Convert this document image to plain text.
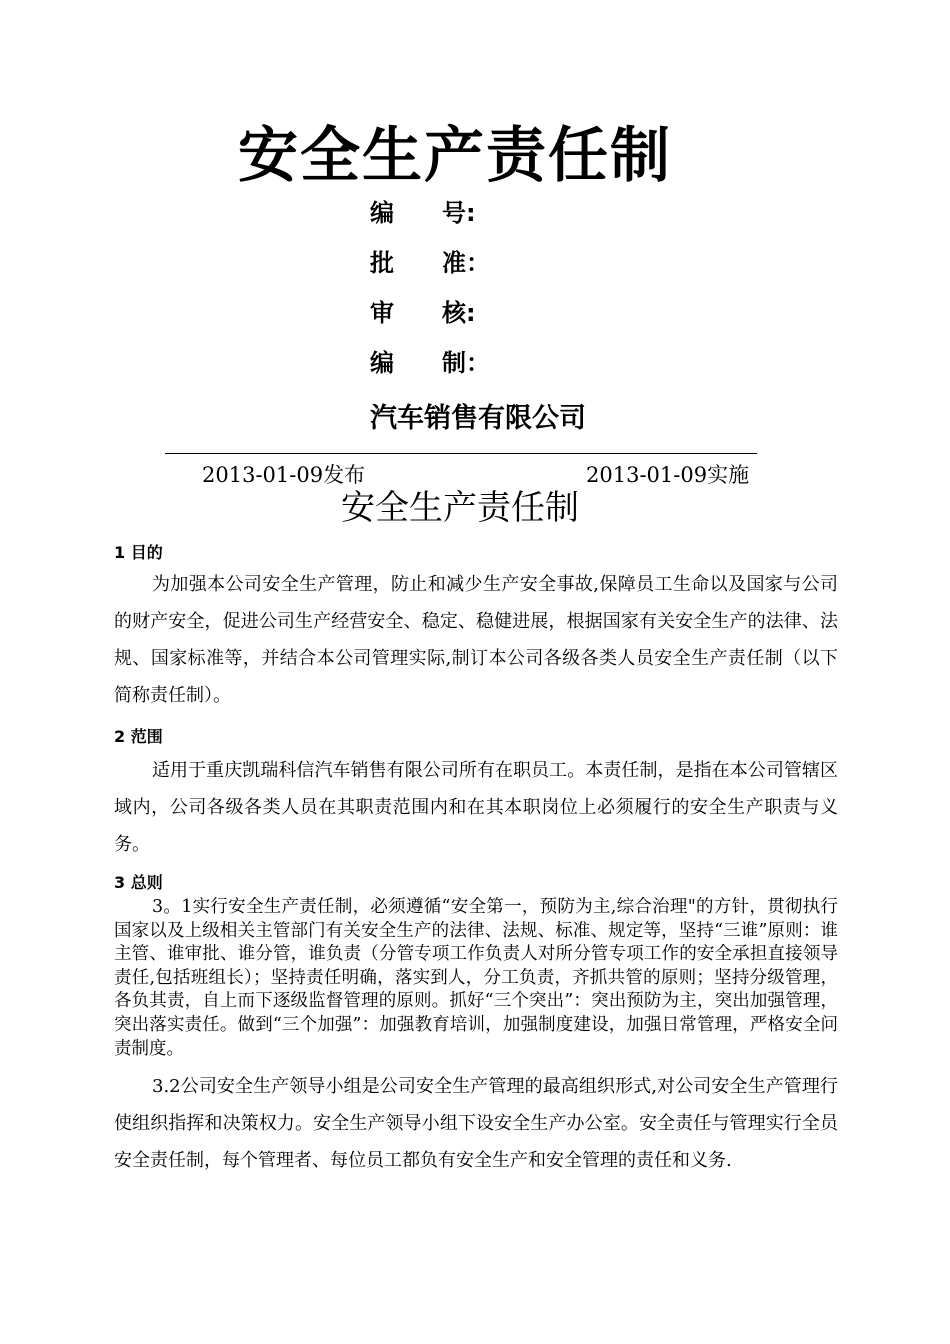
安全生产责任制
编 号:
批 准：
审 核:
编 制：
汽车销售有限公司
2013-01-09发布	2013-01-09实施
安全生产责任制
1 目的
为加强本公司安全生产管理，防止和减少生产安全事故,保障员工生命以及国家与公司的财产安全，促进公司生产经营安全、稳定、稳健进展，根据国家有关安全生产的法律、法规、国家标准等，并结合本公司管理实际,制订本公司各级各类人员安全生产责任制（以下简称责任制）。
2 范围
适用于重庆凯瑞科信汽车销售有限公司所有在职员工。本责任制，是指在本公司管辖区域内，公司各级各类人员在其职责范围内和在其本职岗位上必须履行的安全生产职责与义务。
3 总则
3。1实行安全生产责任制，必须遵循“安全第一，预防为主,综合治理"的方针，贯彻执行国家以及上级相关主管部门有关安全生产的法律、法规、标准、规定等，坚持“三谁”原则：谁主管、谁审批、谁分管，谁负责（分管专项工作负责人对所分管专项工作的安全承担直接领导责任,包括班组长）；坚持责任明确，落实到人，分工负责，齐抓共管的原则；坚持分级管理，各负其责，自上而下逐级监督管理的原则。抓好“三个突出”：突出预防为主，突出加强管理，突出落实责任。做到“三个加强”：加强教育培训，加强制度建设，加强日常管理，严格安全问责制度。
3.2公司安全生产领导小组是公司安全生产管理的最高组织形式,对公司安全生产管理行使组织指挥和决策权力。安全生产领导小组下设安全生产办公室。安全责任与管理实行全员安全责任制，每个管理者、每位员工都负有安全生产和安全管理的责任和义务.
